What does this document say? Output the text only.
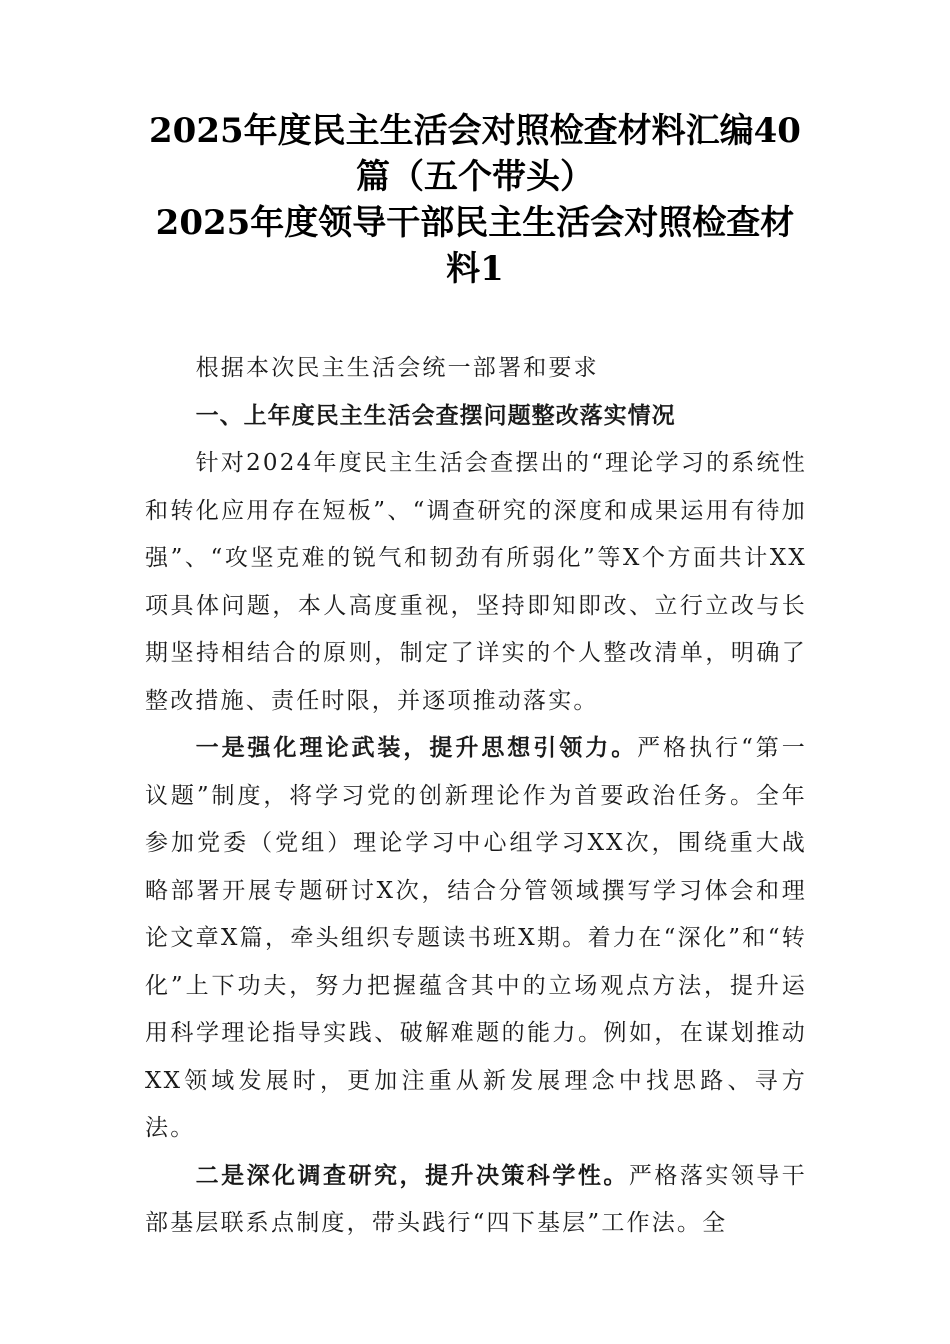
2025年度民主生活会对照检查材料汇编40
篇（五个带头）
2025年度领导干部民主生活会对照检查材
料1

根据本次民主生活会统一部署和要求

一、上年度民主生活会查摆问题整改落实情况

针对2024年度民主生活会查摆出的“理论学习的系统性和转化应用存在短板”、“调查研究的深度和成果运用有待加强”、“攻坚克难的锐气和韧劲有所弱化”等X个方面共计XX项具体问题，本人高度重视，坚持即知即改、立行立改与长期坚持相结合的原则，制定了详实的个人整改清单，明确了整改措施、责任时限，并逐项推动落实。

一是强化理论武装，提升思想引领力。严格执行“第一议题”制度，将学习党的创新理论作为首要政治任务。全年参加党委（党组）理论学习中心组学习XX次，围绕重大战略部署开展专题研讨X次，结合分管领域撰写学习体会和理论文章X篇，牵头组织专题读书班X期。着力在“深化”和“转化”上下功夫，努力把握蕴含其中的立场观点方法，提升运用科学理论指导实践、破解难题的能力。例如，在谋划推动XX领域发展时，更加注重从新发展理念中找思路、寻方法。

二是深化调查研究，提升决策科学性。严格落实领导干部基层联系点制度，带头践行“四下基层”工作法。全
